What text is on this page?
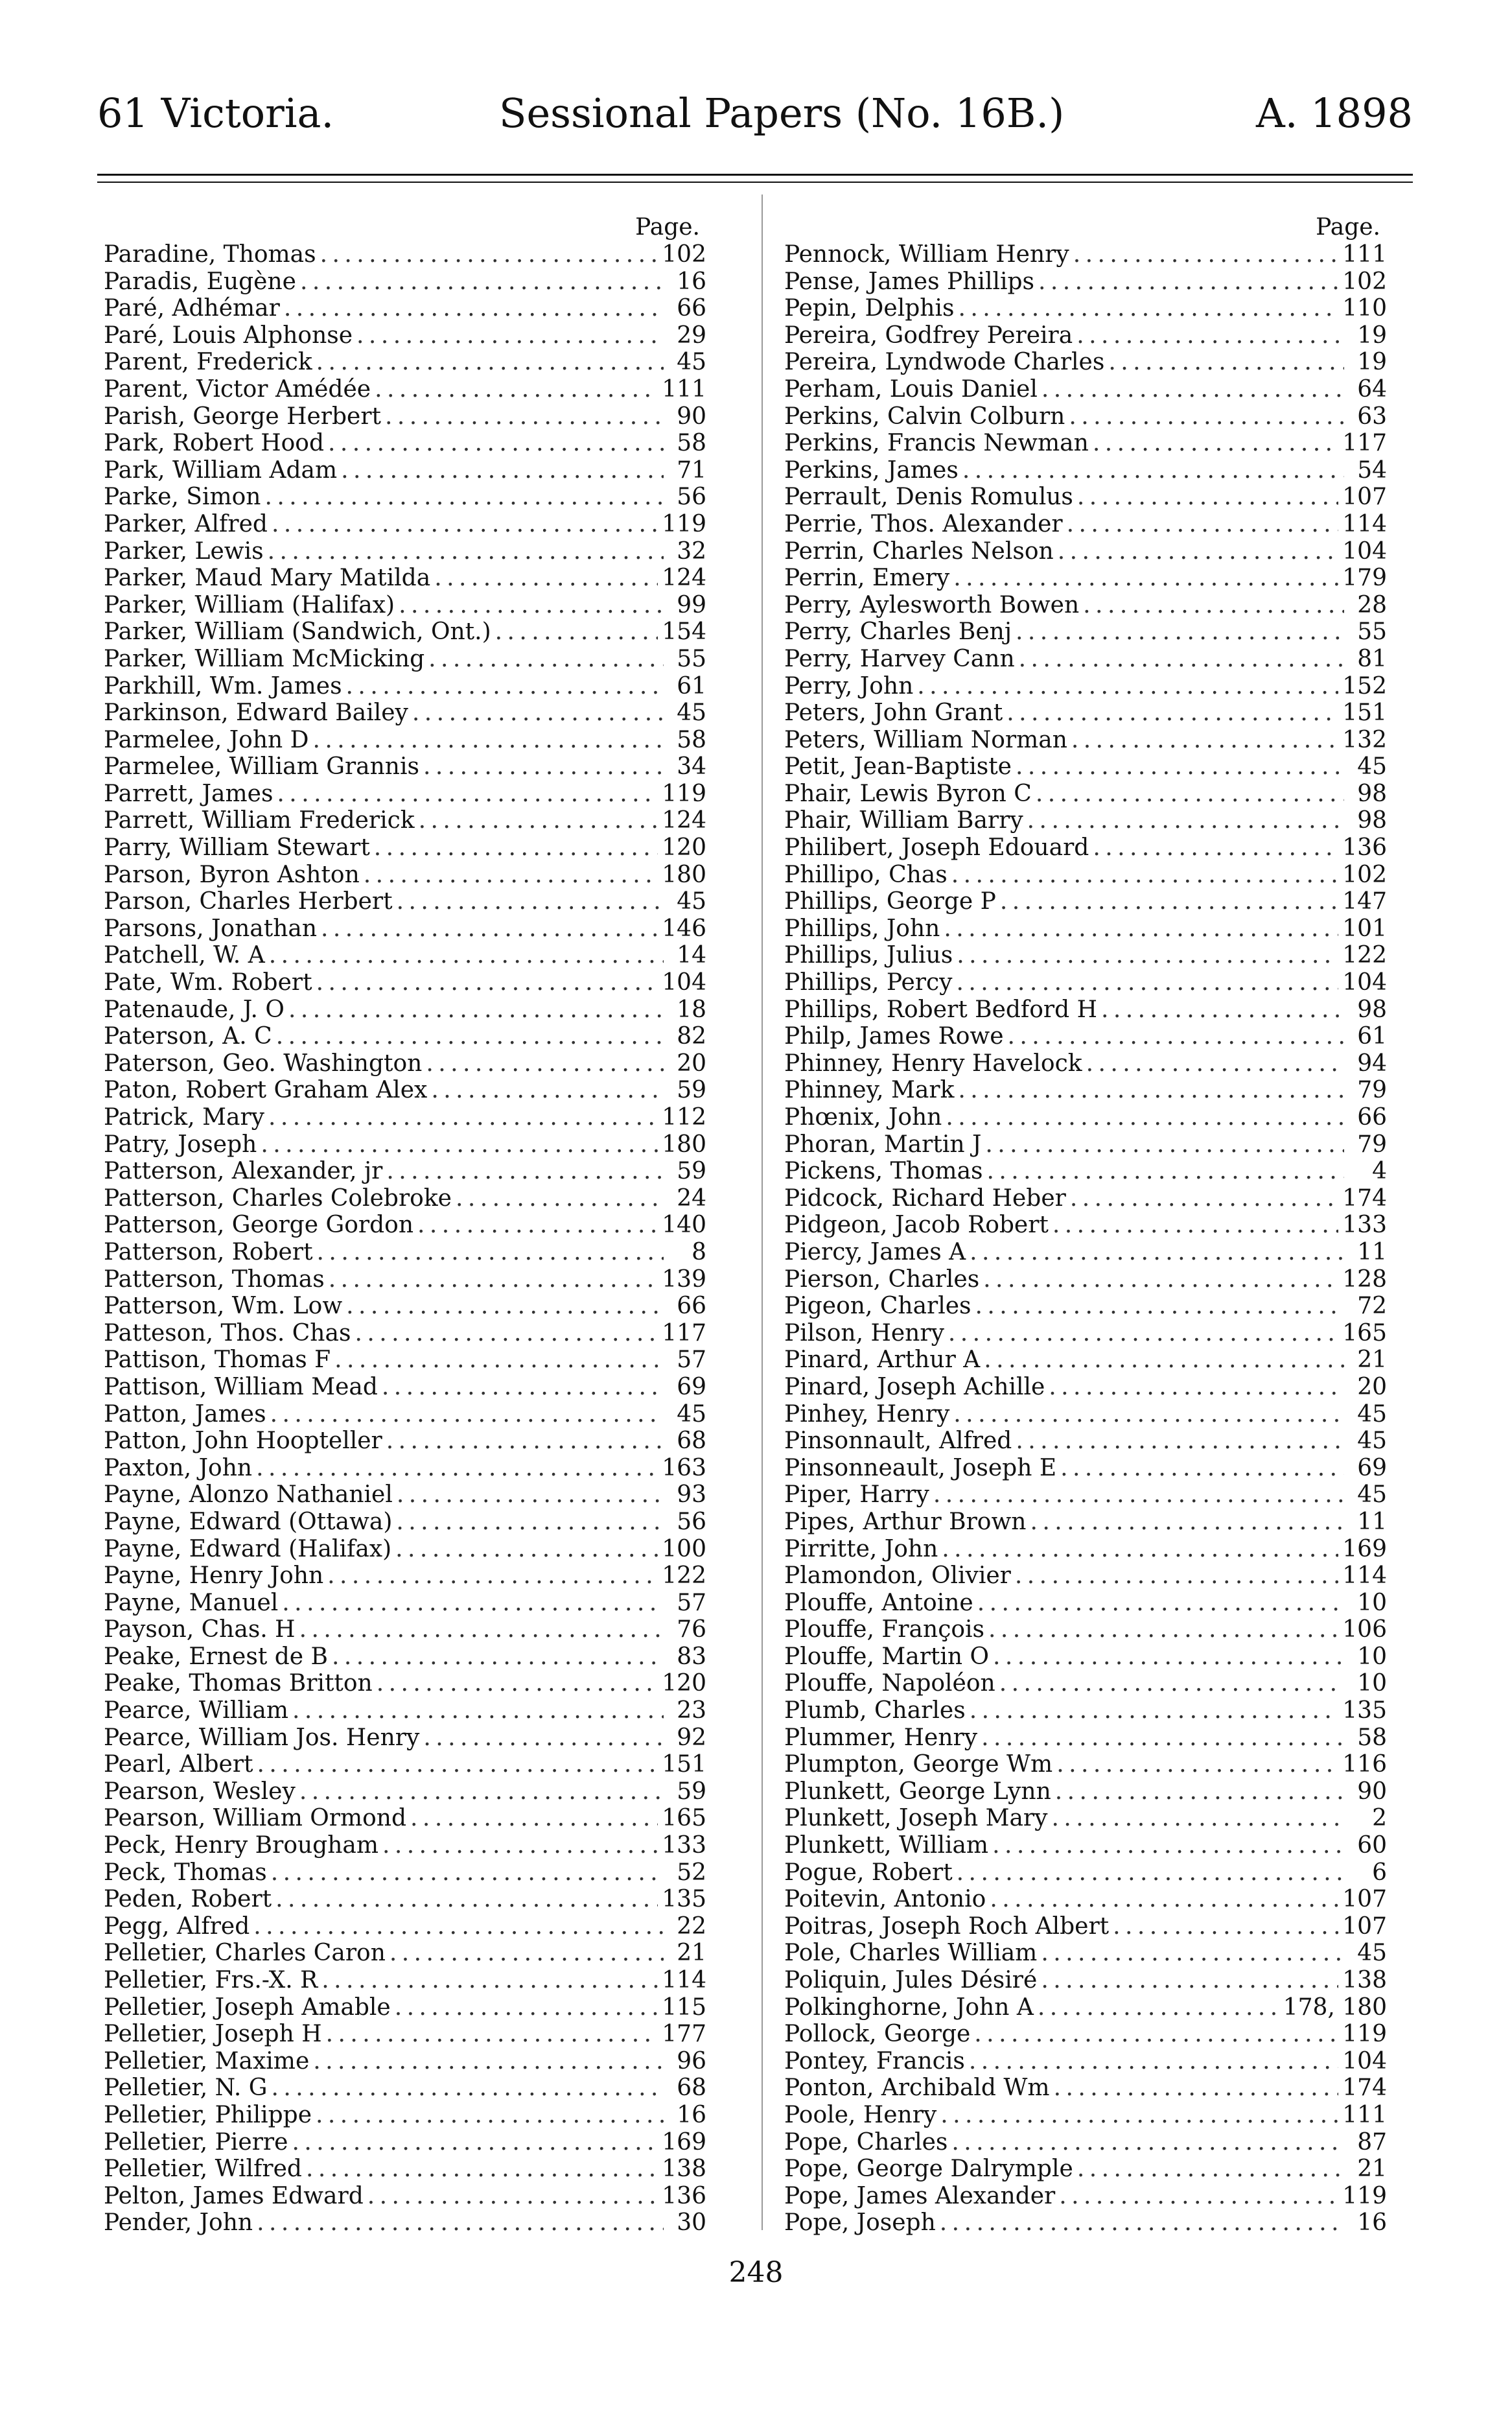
61 Victoria.	Sessional Papers (No. 16B.)	A. 1898
Page.
Paradine, Thomas . . .	102
Paradis, Eugène . . .	16
Paré, Adhémar . . .	66
Paré, Louis Alphonse . . .	29
Parent, Frederick . . .	45
Parent, Victor Amédée . . .	111
Parish, George Herbert . . .	90
Park, Robert Hood . . .	58
Park, William Adam . . .	71
Parke, Simon . . .	56
Parker, Alfred . . .	119
Parker, Lewis . . .	32
Parker, Maud Mary Matilda . . .	124
Parker, William (Halifax) . . .	99
Parker, William (Sandwich, Ont.) . . .	154
Parker, William McMicking . . .	55
Parkhill, Wm. James . . .	61
Parkinson, Edward Bailey . . .	45
Parmelee, John D . . .	58
Parmelee, William Grannis . . .	34
Parrett, James . . .	119
Parrett, William Frederick . . .	124
Parry, William Stewart . . .	120
Parson, Byron Ashton . . .	180
Parson, Charles Herbert . . .	45
Parsons, Jonathan . . .	146
Patchell, W. A . . .	14
Pate, Wm. Robert . . .	104
Patenaude, J. O . . .	18
Paterson, A. C . . .	82
Paterson, Geo. Washington . . .	20
Paton, Robert Graham Alex . . .	59
Patrick, Mary . . .	112
Patry, Joseph . . .	180
Patterson, Alexander, jr . . .	59
Patterson, Charles Colebroke . . .	24
Patterson, George Gordon . . .	140
Patterson, Robert . . .	8
Patterson, Thomas . . .	139
Patterson, Wm. Low . . .	66
Patteson, Thos. Chas . . .	117
Pattison, Thomas F . . .	57
Pattison, William Mead . . .	69
Patton, James . . .	45
Patton, John Hoopteller . . .	68
Paxton, John . . .	163
Payne, Alonzo Nathaniel . . .	93
Payne, Edward (Ottawa) . . .	56
Payne, Edward (Halifax) . . .	100
Payne, Henry John . . .	122
Payne, Manuel . . .	57
Payson, Chas. H . . .	76
Peake, Ernest de B . . .	83
Peake, Thomas Britton . . .	120
Pearce, William . . .	23
Pearce, William Jos. Henry . . .	92
Pearl, Albert . . .	151
Pearson, Wesley . . .	59
Pearson, William Ormond . . .	165
Peck, Henry Brougham . . .	133
Peck, Thomas . . .	52
Peden, Robert . . .	135
Pegg, Alfred . . .	22
Pelletier, Charles Caron . . .	21
Pelletier, Frs.-X. R . . .	114
Pelletier, Joseph Amable . . .	115
Pelletier, Joseph H . . .	177
Pelletier, Maxime . . .	96
Pelletier, N. G . . .	68
Pelletier, Philippe . . .	16
Pelletier, Pierre . . .	169
Pelletier, Wilfred . . .	138
Pelton, James Edward . . .	136
Pender, John . . .	30
Page.
Pennock, William Henry . . .	111
Pense, James Phillips . . .	102
Pepin, Delphis . . .	110
Pereira, Godfrey Pereira . . .	19
Pereira, Lyndwode Charles . . .	19
Perham, Louis Daniel . . .	64
Perkins, Calvin Colburn . . .	63
Perkins, Francis Newman . . .	117
Perkins, James . . .	54
Perrault, Denis Romulus . . .	107
Perrie, Thos. Alexander . . .	114
Perrin, Charles Nelson . . .	104
Perrin, Emery . . .	179
Perry, Aylesworth Bowen . . .	28
Perry, Charles Benj . . .	55
Perry, Harvey Cann . . .	81
Perry, John . . .	152
Peters, John Grant . . .	151
Peters, William Norman . . .	132
Petit, Jean-Baptiste . . .	45
Phair, Lewis Byron C . . .	98
Phair, William Barry . . .	98
Philibert, Joseph Edouard . . .	136
Phillipo, Chas . . .	102
Phillips, George P . . .	147
Phillips, John . . .	101
Phillips, Julius . . .	122
Phillips, Percy . . .	104
Phillips, Robert Bedford H . . .	98
Philp, James Rowe . . .	61
Phinney, Henry Havelock . . .	94
Phinney, Mark . . .	79
Phœnix, John . . .	66
Phoran, Martin J . . .	79
Pickens, Thomas . . .	4
Pidcock, Richard Heber . . .	174
Pidgeon, Jacob Robert . . .	133
Piercy, James A . . .	11
Pierson, Charles . . .	128
Pigeon, Charles . . .	72
Pilson, Henry . . .	165
Pinard, Arthur A . . .	21
Pinard, Joseph Achille . . .	20
Pinhey, Henry . . .	45
Pinsonnault, Alfred . . .	45
Pinsonneault, Joseph E . . .	69
Piper, Harry . . .	45
Pipes, Arthur Brown . . .	11
Pirritte, John . . .	169
Plamondon, Olivier . . .	114
Plouffe, Antoine . . .	10
Plouffe, François . . .	106
Plouffe, Martin O . . .	10
Plouffe, Napoléon . . .	10
Plumb, Charles . . .	135
Plummer, Henry . . .	58
Plumpton, George Wm . . .	116
Plunkett, George Lynn . . .	90
Plunkett, Joseph Mary . . .	2
Plunkett, William . . .	60
Pogue, Robert . . .	6
Poitevin, Antonio . . .	107
Poitras, Joseph Roch Albert . . .	107
Pole, Charles William . . .	45
Poliquin, Jules Désiré . . .	138
Polkinghorne, John A . . .	178, 180
Pollock, George . . .	119
Pontey, Francis . . .	104
Ponton, Archibald Wm . . .	174
Poole, Henry . . .	111
Pope, Charles . . .	87
Pope, George Dalrymple . . .	21
Pope, James Alexander . . .	119
Pope, Joseph . . .	16
248
